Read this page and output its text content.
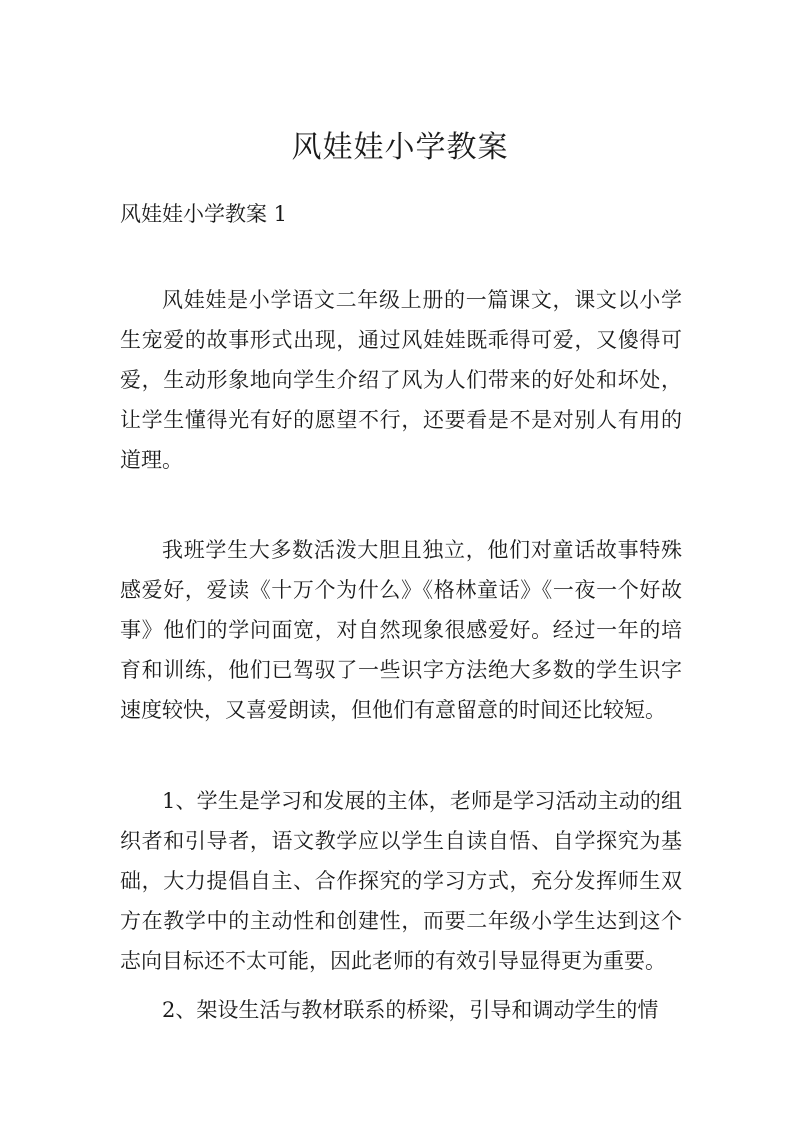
风娃娃小学教案
风娃娃小学教案 1

风娃娃是小学语文二年级上册的一篇课文，课文以小学生宠爱的故事形式出现，通过风娃娃既乖得可爱，又傻得可爱，生动形象地向学生介绍了风为人们带来的好处和坏处，让学生懂得光有好的愿望不行，还要看是不是对别人有用的道理。

我班学生大多数活泼大胆且独立，他们对童话故事特殊感爱好，爱读《十万个为什么》《格林童话》《一夜一个好故事》他们的学问面宽，对自然现象很感爱好。经过一年的培育和训练，他们已驾驭了一些识字方法绝大多数的学生识字速度较快，又喜爱朗读，但他们有意留意的时间还比较短。

1、学生是学习和发展的主体，老师是学习活动主动的组织者和引导者，语文教学应以学生自读自悟、自学探究为基础，大力提倡自主、合作探究的学习方式，充分发挥师生双方在教学中的主动性和创建性，而要二年级小学生达到这个志向目标还不太可能，因此老师的有效引导显得更为重要。

2、架设生活与教材联系的桥梁，引导和调动学生的情
